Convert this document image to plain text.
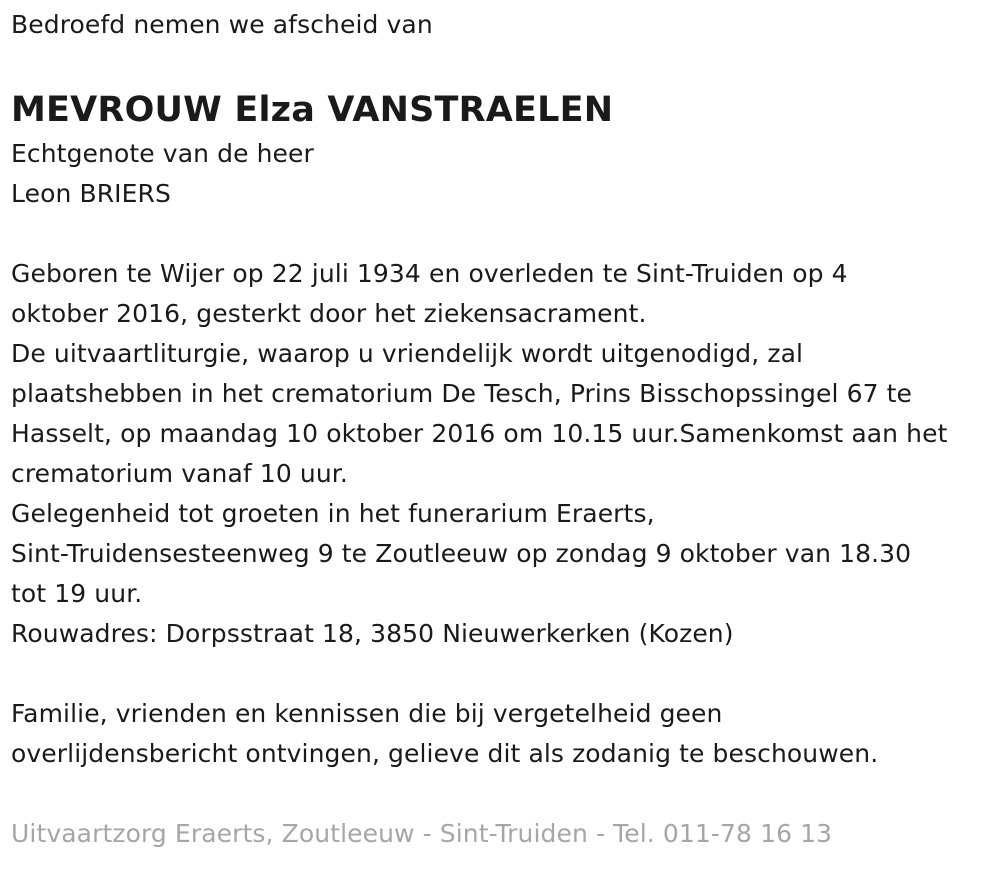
Bedroefd nemen we afscheid van
MEVROUW Elza VANSTRAELEN
Echtgenote van de heer
Leon BRIERS
Geboren te Wijer op 22 juli 1934 en overleden te Sint-Truiden op 4
oktober 2016, gesterkt door het ziekensacrament.
De uitvaartliturgie, waarop u vriendelijk wordt uitgenodigd, zal
plaatshebben in het crematorium De Tesch, Prins Bisschopssingel 67 te
Hasselt, op maandag 10 oktober 2016 om 10.15 uur.Samenkomst aan het
crematorium vanaf 10 uur.
Gelegenheid tot groeten in het funerarium Eraerts,
Sint-Truidensesteenweg 9 te Zoutleeuw op zondag 9 oktober van 18.30
tot 19 uur.
Rouwadres: Dorpsstraat 18, 3850 Nieuwerkerken (Kozen)
Familie, vrienden en kennissen die bij vergetelheid geen
overlijdensbericht ontvingen, gelieve dit als zodanig te beschouwen.
Uitvaartzorg Eraerts, Zoutleeuw - Sint-Truiden - Tel. 011-78 16 13
